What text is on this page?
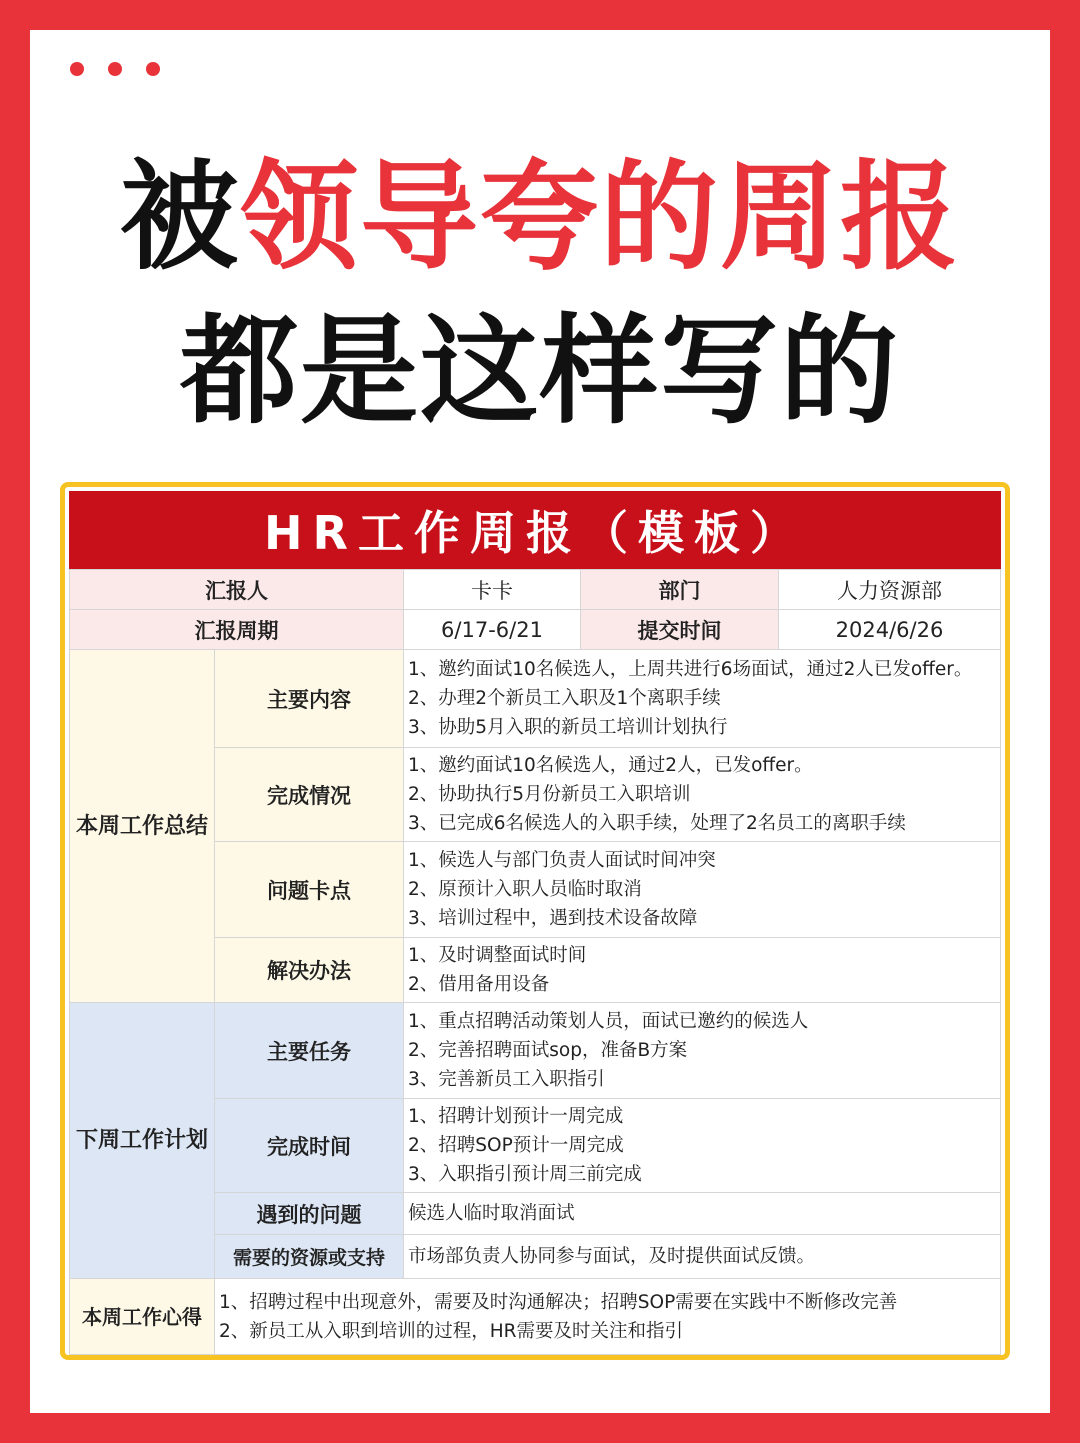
被领导夸的周报
都是这样写的
HR工作周报（模板）
汇报人		卡卡	部门	人力资源部
汇报周期		6/17-6/21	提交时间	2024/6/26
本周工作总结	主要内容	1、邀约面试10名候选人，上周共进行6场面试，通过2人已发offer。
2、办理2个新员工入职及1个离职手续
3、协助5月入职的新员工培训计划执行		

	完成情况	1、邀约面试10名候选人，通过2人，已发offer。
2、协助执行5月份新员工入职培训
3、已完成6名候选人的入职手续，处理了2名员工的离职手续		

	问题卡点	1、候选人与部门负责人面试时间冲突
2、原预计入职人员临时取消
3、培训过程中，遇到技术设备故障		

	解决办法	1、及时调整面试时间
2、借用备用设备		

下周工作计划	主要任务	1、重点招聘活动策划人员，面试已邀约的候选人
2、完善招聘面试sop，准备B方案
3、完善新员工入职指引		

	完成时间	1、招聘计划预计一周完成
2、招聘SOP预计一周完成
3、入职指引预计周三前完成		

	遇到的问题	候选人临时取消面试		

	需要的资源或支持	市场部负责人协同参与面试，及时提供面试反馈。		

本周工作心得	1、招聘过程中出现意外，需要及时沟通解决；招聘SOP需要在实践中不断修改完善
2、新员工从入职到培训的过程，HR需要及时关注和指引			
